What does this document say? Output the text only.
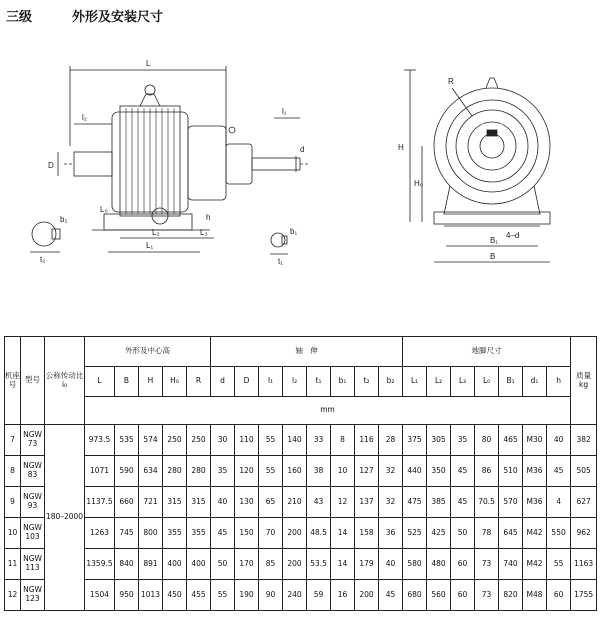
三级	外形及安装尺寸
L
l₂
l₁
D
d
L₀
h
L₂	L₃
L₁
b₂
t₂
b₁
t₁
H
H₀
R
4–d
B₁
B
机座号	型号	公称传动比 i₀	外形及中心高					轴　伸								地脚尺寸							质量 kg
			L	B	H	H₀	R	d	D	l₁	l₂	t₁	b₁	t₂	b₂	L₁	L₂	L₃	L₀	B₁	d₁	h	
			mm																				
7	NGW 73	180–2000	973.5	535	574	250	250	30	110	55	140	33	8	116	28	375	305	35	80	465	M30	40	382
8	NGW 83		1071	590	634	280	280	35	120	55	160	38	10	127	32	440	350	45	86	510	M36	45	505
9	NGW 93		1137.5	660	721	315	315	40	130	65	210	43	12	137	32	475	385	45	70.5	570	M36	4	627
10	NGW 103		1263	745	800	355	355	45	150	70	200	48.5	14	158	36	525	425	50	78	645	M42	550	962
11	NGW 113		1359.5	840	891	400	400	50	170	85	200	53.5	14	179	40	580	480	60	73	740	M42	55	1163
12	NGW 123		1504	950	1013	450	455	55	190	90	240	59	16	200	45	680	560	60	73	820	M48	60	1755
